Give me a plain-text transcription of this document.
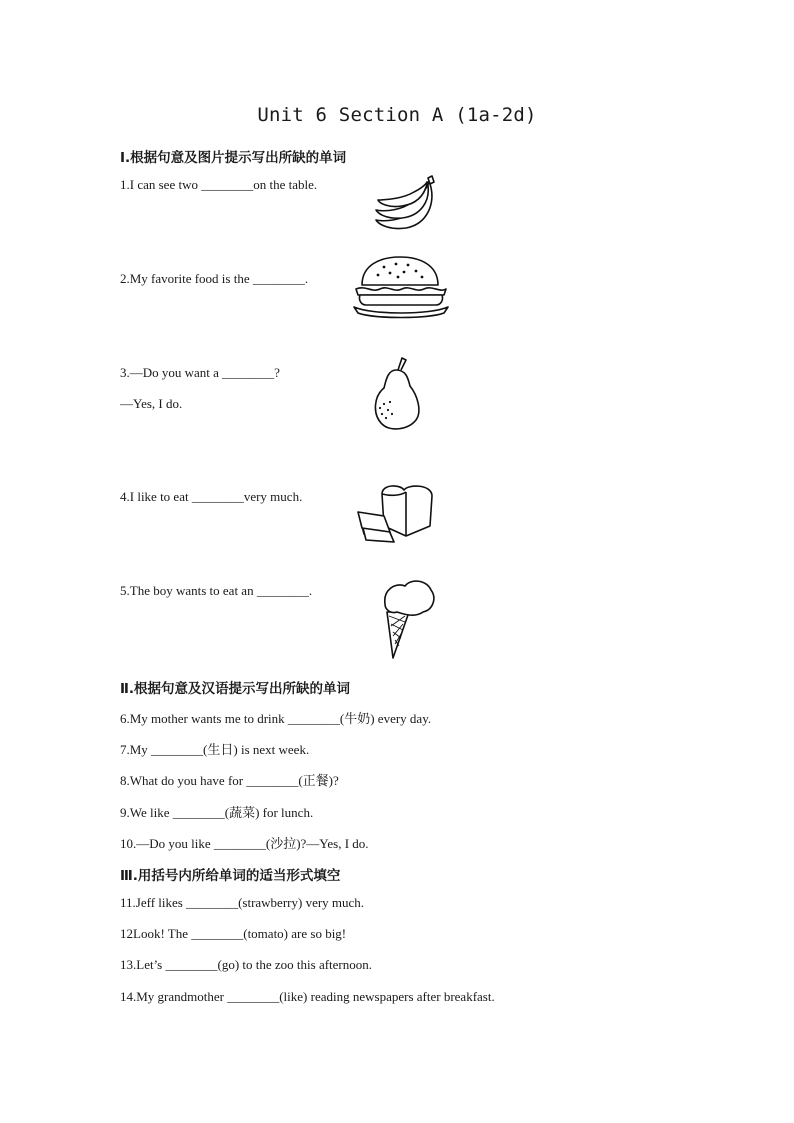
Unit 6 Section A (1a-2d)
Ⅰ.根据句意及图片提示写出所缺的单词
1.I can see two ________on the table.
2.My favorite food is the ________.
3.—Do you want a ________?
—Yes, I do.
4.I like to eat ________very much.
5.The boy wants to eat an ________.
Ⅱ.根据句意及汉语提示写出所缺的单词
6.My mother wants me to drink ________(牛奶) every day.
7.My ________(生日) is next week.
8.What do you have for ________(正餐)?
9.We like ________(蔬菜) for lunch.
10.—Do you like ________(沙拉)?—Yes, I do.
Ⅲ.用括号内所给单词的适当形式填空
11.Jeff likes ________(strawberry) very much.
12Look! The ________(tomato) are so big!
13.Let’s ________(go) to the zoo this afternoon.
14.My grandmother ________(like) reading newspapers after breakfast.
